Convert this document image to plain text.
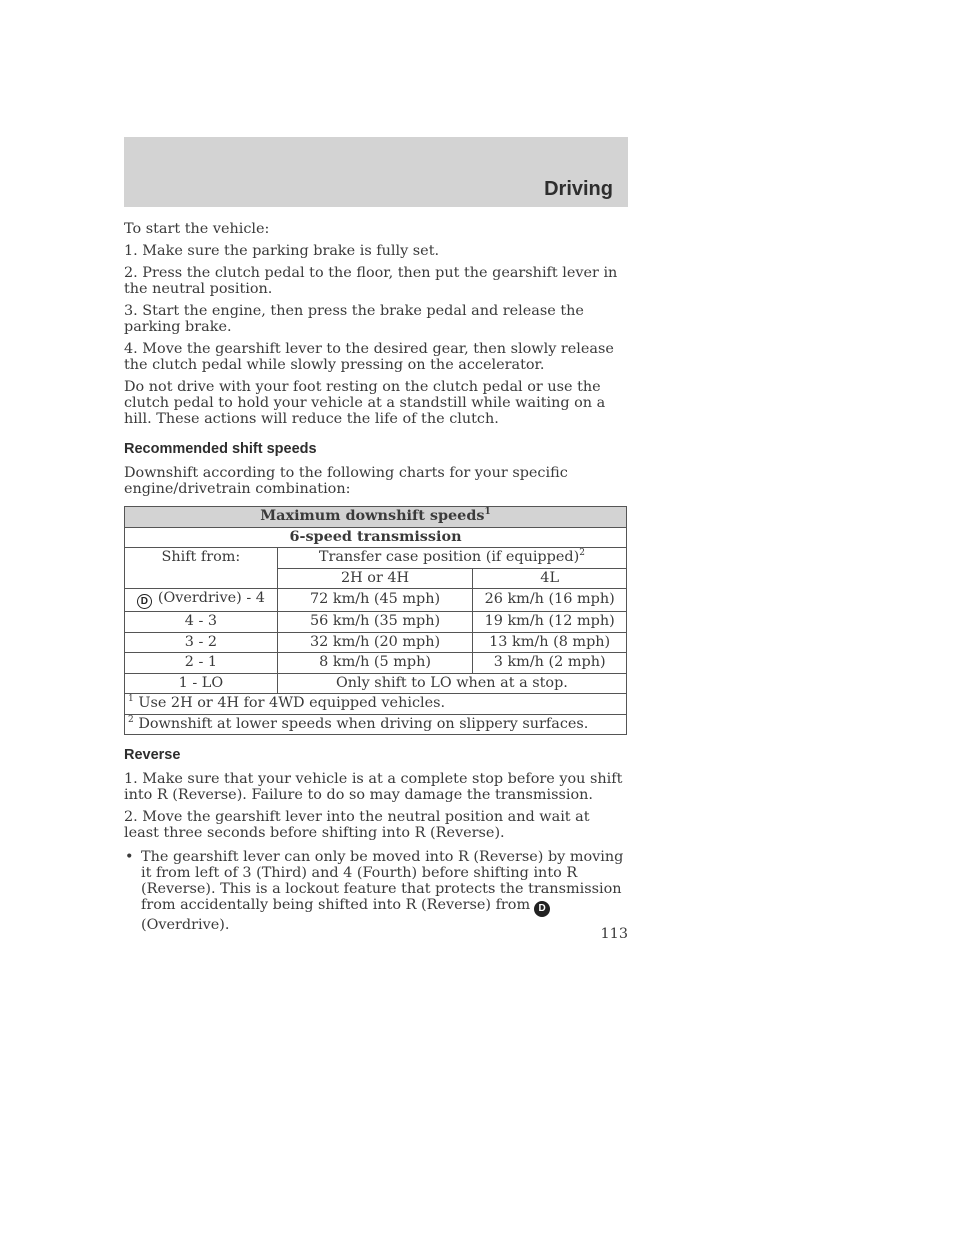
Driving

To start the vehicle:

1. Make sure the parking brake is fully set.

2. Press the clutch pedal to the floor, then put the gearshift lever in the neutral position.

3. Start the engine, then press the brake pedal and release the parking brake.

4. Move the gearshift lever to the desired gear, then slowly release the clutch pedal while slowly pressing on the accelerator.

Do not drive with your foot resting on the clutch pedal or use the clutch pedal to hold your vehicle at a standstill while waiting on a hill. These actions will reduce the life of the clutch.

Recommended shift speeds

Downshift according to the following charts for your specific engine/drivetrain combination:

Maximum downshift speeds$^1$
6-speed transmission		
Shift from:	Transfer case position (if equipped)$^2$
	2H or 4H	4L
D (Overdrive) - 4	72 km/h (45 mph)	26 km/h (16 mph)
4 - 3	56 km/h (35 mph)	19 km/h (12 mph)
3 - 2	32 km/h (20 mph)	13 km/h (8 mph)
2 - 1	8 km/h (5 mph)	3 km/h (2 mph)
1 - LO	Only shift to LO when at a stop.	
$^1$ Use 2H or 4H for 4WD equipped vehicles.		
$^2$ Downshift at lower speeds when driving on slippery surfaces.		
Reverse

1. Make sure that your vehicle is at a complete stop before you shift into R (Reverse). Failure to do so may damage the transmission.

2. Move the gearshift lever into the neutral position and wait at least three seconds before shifting into R (Reverse).

• The gearshift lever can only be moved into R (Reverse) by moving it from left of 3 (Third) and 4 (Fourth) before shifting into R (Reverse). This is a lockout feature that protects the transmission from accidentally being shifted into R (Reverse) from D(Overdrive).
113
